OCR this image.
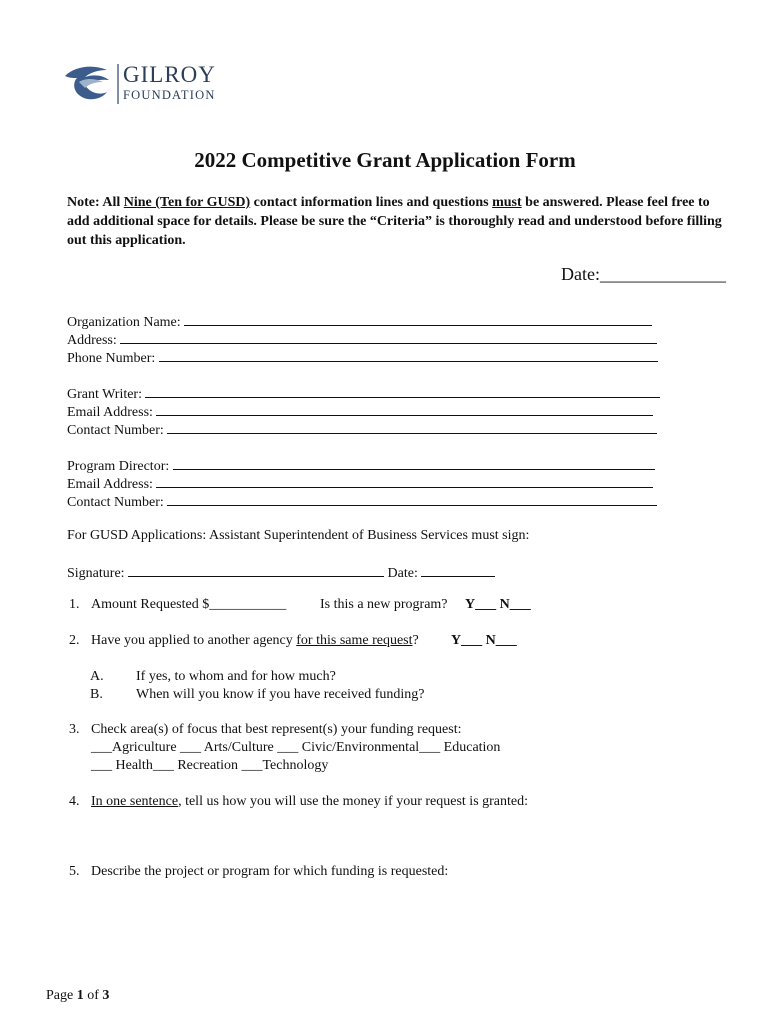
GILROY
FOUNDATION
2022 Competitive Grant Application Form
Note: All Nine (Ten for GUSD) contact information lines and questions must be answered. Please feel free to add additional space for details. Please be sure the “Criteria” is thoroughly read and understood before filling out this application.
Date:______________
Organization Name:
Address:
Phone Number:
Grant Writer:
Email Address:
Contact Number:
Program Director:
Email Address:
Contact Number:
For GUSD Applications: Assistant Superintendent of Business Services must sign:
Signature:	Date:
1. Amount Requested $___________ Is this a new program? Y___ N___
2. Have you applied to another agency for this same request? Y___ N___
A. If yes, to whom and for how much?
B. When will you know if you have received funding?
3. Check area(s) of focus that best represent(s) your funding request:
___Agriculture ___ Arts/Culture ___ Civic/Environmental___ Education
___ Health___ Recreation ___Technology
4. In one sentence, tell us how you will use the money if your request is granted:
5. Describe the project or program for which funding is requested:
Page 1 of 3
